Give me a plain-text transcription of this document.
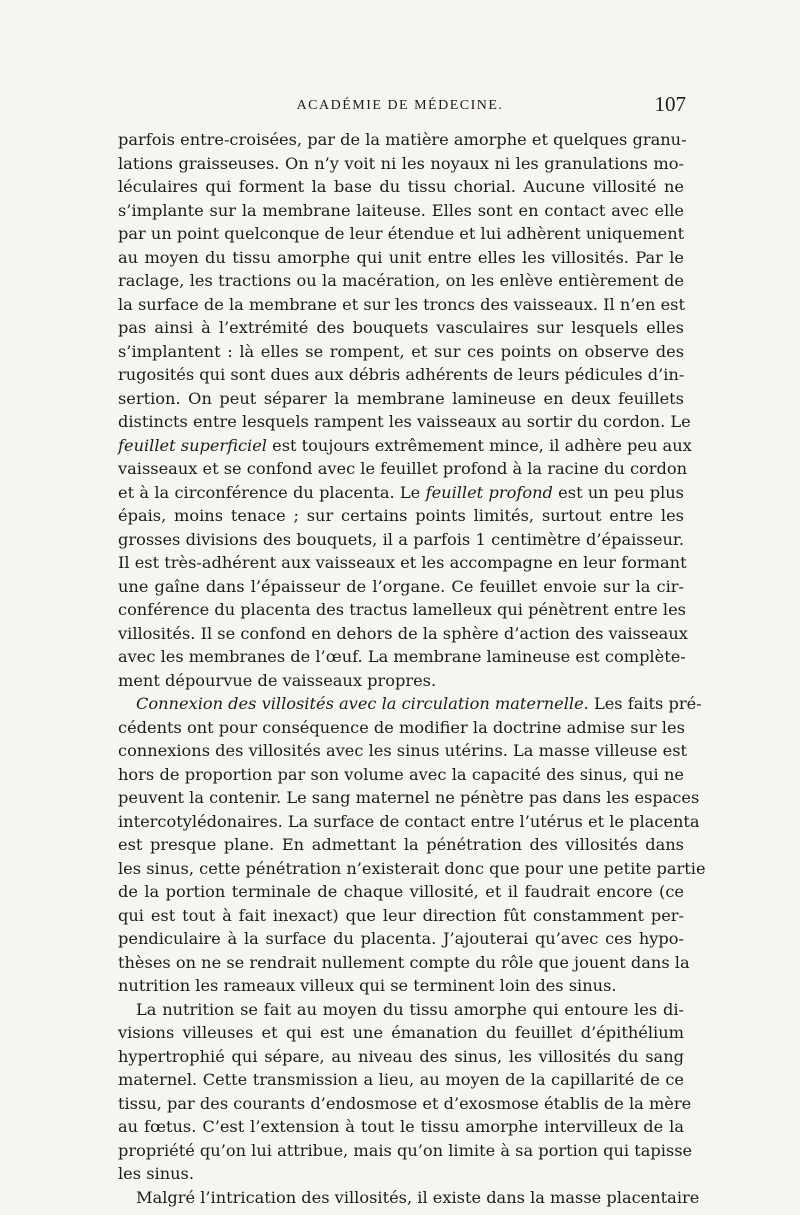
ACADÉMIE DE MÉDECINE.	107
parfois entre-croisées, par de la matière amorphe et quelques granu-
lations graisseuses. On n’y voit ni les noyaux ni les granulations mo-
léculaires qui forment la base du tissu chorial. Aucune villosité ne
s’implante sur la membrane laiteuse. Elles sont en contact avec elle
par un point quelconque de leur étendue et lui adhèrent uniquement
au moyen du tissu amorphe qui unit entre elles les villosités. Par le
raclage, les tractions ou la macération, on les enlève entièrement de
la surface de la membrane et sur les troncs des vaisseaux. Il n’en est
pas ainsi à l’extrémité des bouquets vasculaires sur lesquels elles
s’implantent : là elles se rompent, et sur ces points on observe des
rugosités qui sont dues aux débris adhérents de leurs pédicules d’in-
sertion. On peut séparer la membrane lamineuse en deux feuillets
distincts entre lesquels rampent les vaisseaux au sortir du cordon. Le
feuillet superficiel est toujours extrêmement mince, il adhère peu aux
vaisseaux et se confond avec le feuillet profond à la racine du cordon
et à la circonférence du placenta. Le feuillet profond est un peu plus
épais, moins tenace ; sur certains points limités, surtout entre les
grosses divisions des bouquets, il a parfois 1 centimètre d’épaisseur.
Il est très-adhérent aux vaisseaux et les accompagne en leur formant
une gaîne dans l’épaisseur de l’organe. Ce feuillet envoie sur la cir-
conférence du placenta des tractus lamelleux qui pénètrent entre les
villosités. Il se confond en dehors de la sphère d’action des vaisseaux
avec les membranes de l’œuf. La membrane lamineuse est complète-
ment dépourvue de vaisseaux propres.
Connexion des villosités avec la circulation maternelle. Les faits pré-
cédents ont pour conséquence de modifier la doctrine admise sur les
connexions des villosités avec les sinus utérins. La masse villeuse est
hors de proportion par son volume avec la capacité des sinus, qui ne
peuvent la contenir. Le sang maternel ne pénètre pas dans les espaces
intercotylédonaires. La surface de contact entre l’utérus et le placenta
est presque plane. En admettant la pénétration des villosités dans
les sinus, cette pénétration n’existerait donc que pour une petite partie
de la portion terminale de chaque villosité, et il faudrait encore (ce
qui est tout à fait inexact) que leur direction fût constamment per-
pendiculaire à la surface du placenta. J’ajouterai qu’avec ces hypo-
thèses on ne se rendrait nullement compte du rôle que jouent dans la
nutrition les rameaux villeux qui se terminent loin des sinus.
La nutrition se fait au moyen du tissu amorphe qui entoure les di-
visions villeuses et qui est une émanation du feuillet d’épithélium
hypertrophié qui sépare, au niveau des sinus, les villosités du sang
maternel. Cette transmission a lieu, au moyen de la capillarité de ce
tissu, par des courants d’endosmose et d’exosmose établis de la mère
au fœtus. C’est l’extension à tout le tissu amorphe intervilleux de la
propriété qu’on lui attribue, mais qu’on limite à sa portion qui tapisse
les sinus.
Malgré l’intrication des villosités, il existe dans la masse placentaire
